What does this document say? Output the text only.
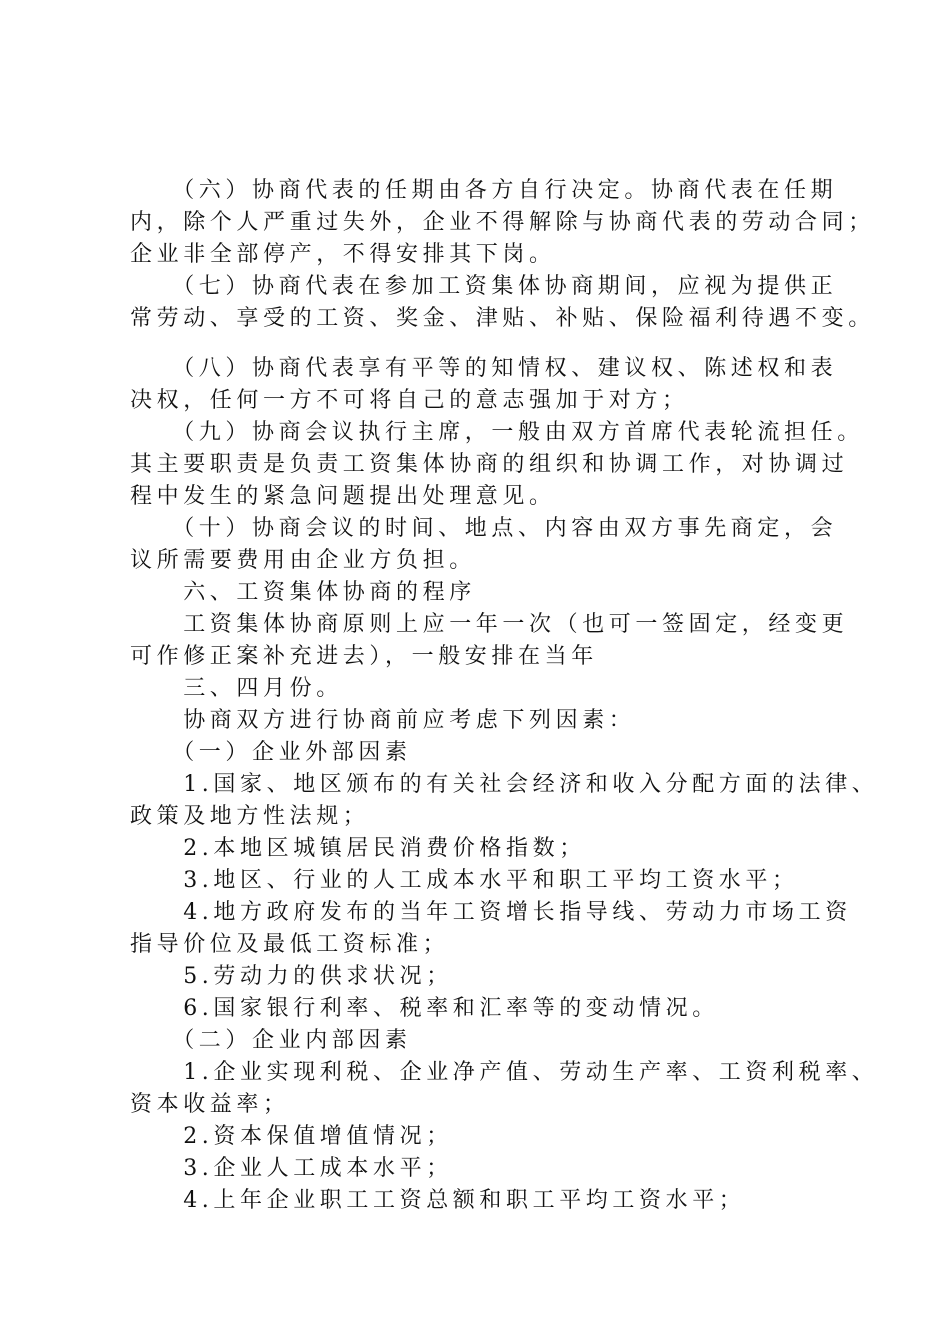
　　（六）协商代表的任期由各方自行决定。协商代表在任期
内，除个人严重过失外，企业不得解除与协商代表的劳动合同；
企业非全部停产，不得安排其下岗。
　　（七）协商代表在参加工资集体协商期间，应视为提供正
常劳动、享受的工资、奖金、津贴、补贴、保险福利待遇不变。
　　（八）协商代表享有平等的知情权、建议权、陈述权和表
决权，任何一方不可将自己的意志强加于对方；
　　（九）协商会议执行主席，一般由双方首席代表轮流担任。
其主要职责是负责工资集体协商的组织和协调工作，对协调过
程中发生的紧急问题提出处理意见。
　　（十）协商会议的时间、地点、内容由双方事先商定，会
议所需要费用由企业方负担。
　　六、工资集体协商的程序
　　工资集体协商原则上应一年一次（也可一签固定，经变更
可作修正案补充进去），一般安排在当年
　　三、四月份。
　　协商双方进行协商前应考虑下列因素：
　　（一）企业外部因素
　　1.国家、地区颁布的有关社会经济和收入分配方面的法律、
政策及地方性法规；
　　2.本地区城镇居民消费价格指数；
　　3.地区、行业的人工成本水平和职工平均工资水平；
　　4.地方政府发布的当年工资增长指导线、劳动力市场工资
指导价位及最低工资标准；
　　5.劳动力的供求状况；
　　6.国家银行利率、税率和汇率等的变动情况。
　　（二）企业内部因素
　　1.企业实现利税、企业净产值、劳动生产率、工资利税率、
资本收益率；
　　2.资本保值增值情况；
　　3.企业人工成本水平；
　　4.上年企业职工工资总额和职工平均工资水平；
